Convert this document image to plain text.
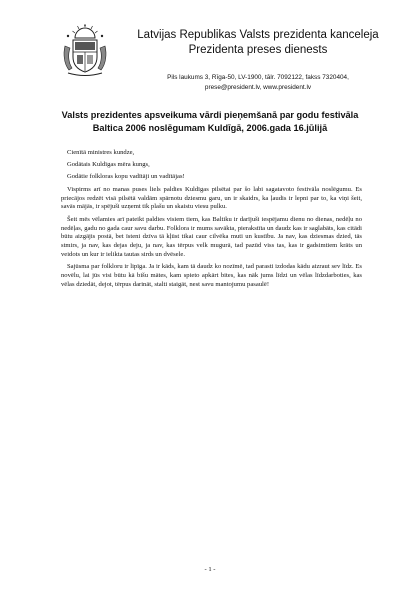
Latvijas Republikas Valsts prezidenta kanceleja
Prezidenta preses dienests
Pils laukums 3, Rīga-50, LV-1900, tālr. 7092122, fakss 7320404,
prese@president.lv, www.president.lv
Valsts prezidentes apsveikuma vārdi pieņemšanā par godu festivāla
Baltica 2006 noslēgumam Kuldīgā, 2006.gada 16.jūlijā
Cienītā ministres kundze,
Godātais Kuldīgas mēra kungs,
Godātie folkloras kopu vadītāji un vadītājas!

Vispirms arī no manas puses liels paldies Kuldīgas pilsētai par šo labi sagatavoto festivāla noslēgumu. Es priecājos redzēt visā pilsētā valdām spārnotu dziesmu garu, un ir skaidrs, ka ļaudis ir lepni par to, ka viņi šeit, savās mājās, ir spējuši uzņemt tik plašu un skaistu viesu pulku.

Šeit mēs vēlamies arī pateikt paldies visiem tiem, kas Baltiku ir darījuši iespējamu dienu no dienas, nedēļu no nedēļas, gadu no gada caur savu darbu. Folklora ir mums savākta, pierakstīta un daudz kas ir saglabāts, kas citādi būtu aizgājis postā, bet īsteni dzīva tā kļūst tikai caur cilvēka muti un kustību. Ja nav, kas dziesmas dzied, tās stmirs, ja nav, kas dejas deju, ja nav, kas tērpus velk mugurā, tad pazūd viss tas, kas ir gadsimtiem krāts un veidots un kur ir ielikta tautas sirds un dvēsele.

Sajūsma par folkloru ir lipīga. Ja ir kāds, kam tā daudz ko nozīmē, tad parasti izdodas kādu aizraut sev līdz. Es novēlu, lai jūs visi būtu kā bišu mātes, kam spieto apkārt bites, kas nāk jums līdzi un vēlas līdzdarboties, kas vēlas dziedāt, dejot, tērpus darināt, stalti staigāt, nest savu mantojumu pasaulē!

- 1 -
